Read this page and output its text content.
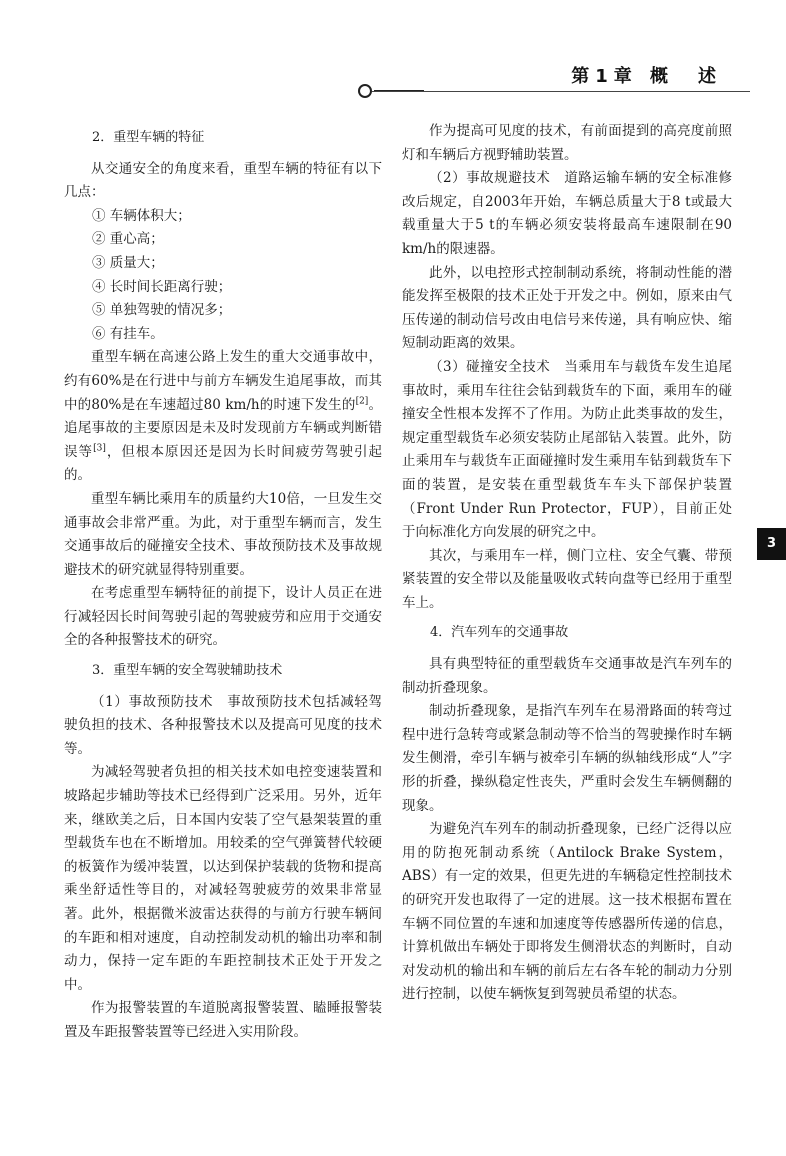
第1章 概　述
3

2．重型车辆的特征

从交通安全的角度来看，重型车辆的特征有以下几点：

① 车辆体积大；

② 重心高；

③ 质量大；

④ 长时间长距离行驶；

⑤ 单独驾驶的情况多；

⑥ 有挂车。

重型车辆在高速公路上发生的重大交通事故中，约有60%是在行进中与前方车辆发生追尾事故，而其中的80%是在车速超过80 km/h的时速下发生的[2]。追尾事故的主要原因是未及时发现前方车辆或判断错误等[3]，但根本原因还是因为长时间疲劳驾驶引起的。

重型车辆比乘用车的质量约大10倍，一旦发生交通事故会非常严重。为此，对于重型车辆而言，发生交通事故后的碰撞安全技术、事故预防技术及事故规避技术的研究就显得特别重要。

在考虑重型车辆特征的前提下，设计人员正在进行减轻因长时间驾驶引起的驾驶疲劳和应用于交通安全的各种报警技术的研究。

3．重型车辆的安全驾驶辅助技术

（1）事故预防技术　事故预防技术包括减轻驾驶负担的技术、各种报警技术以及提高可见度的技术等。

为减轻驾驶者负担的相关技术如电控变速装置和坡路起步辅助等技术已经得到广泛采用。另外，近年来，继欧美之后，日本国内安装了空气悬架装置的重型载货车也在不断增加。用较柔的空气弹簧替代较硬的板簧作为缓冲装置，以达到保护装载的货物和提高乘坐舒适性等目的，对减轻驾驶疲劳的效果非常显著。此外，根据微米波雷达获得的与前方行驶车辆间的车距和相对速度，自动控制发动机的输出功率和制动力，保持一定车距的车距控制技术正处于开发之中。

作为报警装置的车道脱离报警装置、瞌睡报警装置及车距报警装置等已经进入实用阶段。

作为提高可见度的技术，有前面提到的高亮度前照灯和车辆后方视野辅助装置。

（2）事故规避技术　道路运输车辆的安全标准修改后规定，自2003年开始，车辆总质量大于8 t或最大载重量大于5 t的车辆必须安装将最高车速限制在90 km/h的限速器。

此外，以电控形式控制制动系统，将制动性能的潜能发挥至极限的技术正处于开发之中。例如，原来由气压传递的制动信号改由电信号来传递，具有响应快、缩短制动距离的效果。

（3）碰撞安全技术　当乘用车与载货车发生追尾事故时，乘用车往往会钻到载货车的下面，乘用车的碰撞安全性根本发挥不了作用。为防止此类事故的发生，规定重型载货车必须安装防止尾部钻入装置。此外，防止乘用车与载货车正面碰撞时发生乘用车钻到载货车下面的装置，是安装在重型载货车车头下部保护装置（Front Under Run Protector，FUP），目前正处于向标准化方向发展的研究之中。

其次，与乘用车一样，侧门立柱、安全气囊、带预紧装置的安全带以及能量吸收式转向盘等已经用于重型车上。

4．汽车列车的交通事故

具有典型特征的重型载货车交通事故是汽车列车的制动折叠现象。

制动折叠现象，是指汽车列车在易滑路面的转弯过程中进行急转弯或紧急制动等不恰当的驾驶操作时车辆发生侧滑，牵引车辆与被牵引车辆的纵轴线形成“人”字形的折叠，操纵稳定性丧失，严重时会发生车辆侧翻的现象。

为避免汽车列车的制动折叠现象，已经广泛得以应用的防抱死制动系统（Antilock Brake System，ABS）有一定的效果，但更先进的车辆稳定性控制技术的研究开发也取得了一定的进展。这一技术根据布置在车辆不同位置的车速和加速度等传感器所传递的信息，计算机做出车辆处于即将发生侧滑状态的判断时，自动对发动机的输出和车辆的前后左右各车轮的制动力分别进行控制，以使车辆恢复到驾驶员希望的状态。
